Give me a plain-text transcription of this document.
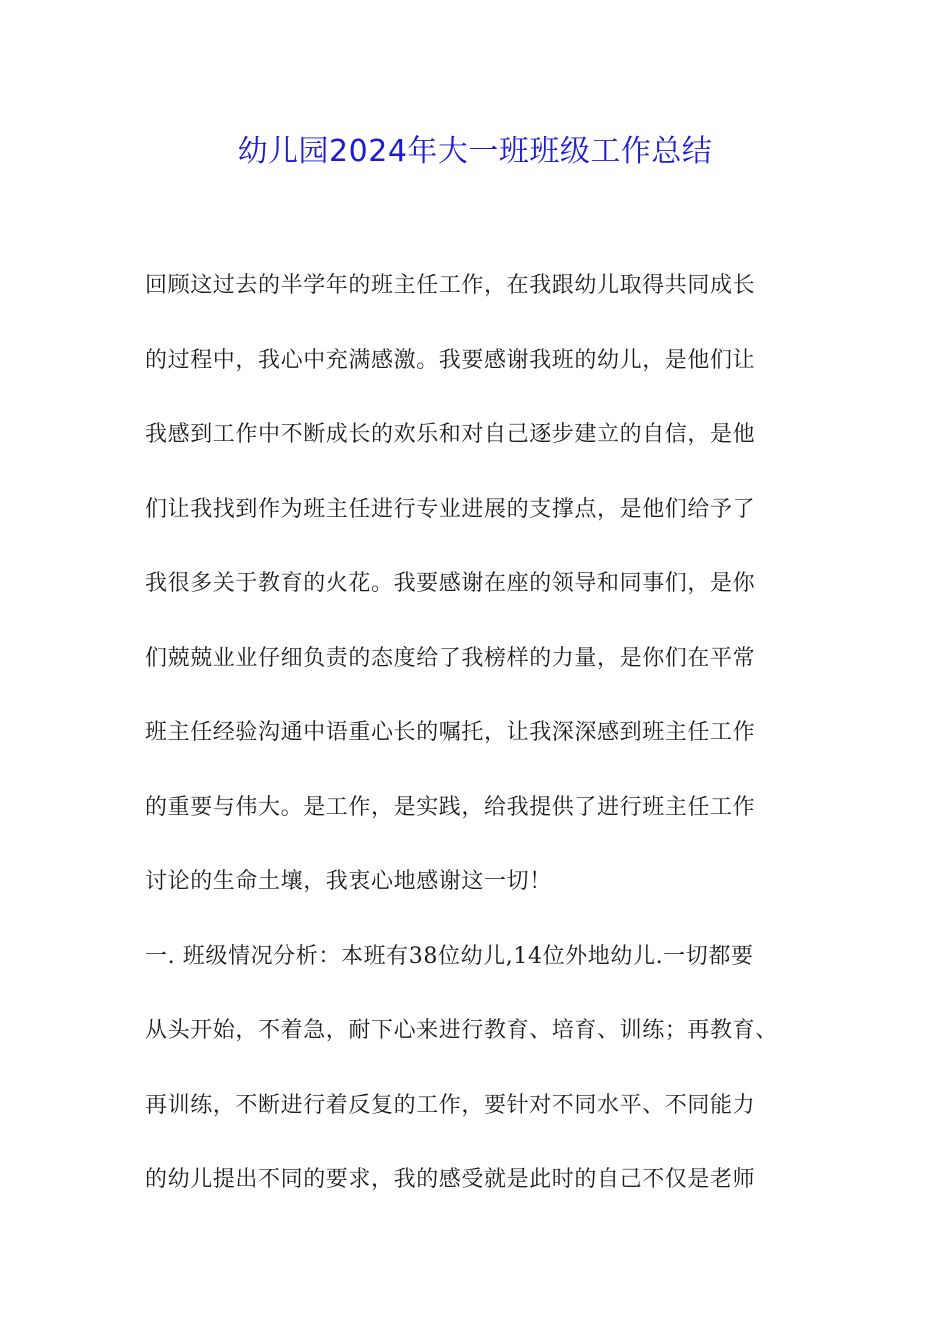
幼儿园2024年大一班班级工作总结
回顾这过去的半学年的班主任工作，在我跟幼儿取得共同成长
的过程中，我心中充满感激。我要感谢我班的幼儿，是他们让
我感到工作中不断成长的欢乐和对自己逐步建立的自信，是他
们让我找到作为班主任进行专业进展的支撑点，是他们给予了
我很多关于教育的火花。我要感谢在座的领导和同事们，是你
们兢兢业业仔细负责的态度给了我榜样的力量，是你们在平常
班主任经验沟通中语重心长的嘱托，让我深深感到班主任工作
的重要与伟大。是工作，是实践，给我提供了进行班主任工作
讨论的生命土壤，我衷心地感谢这一切！
一. 班级情况分析：本班有38位幼儿,14位外地幼儿.一切都要
从头开始，不着急，耐下心来进行教育、培育、训练；再教育、
再训练，不断进行着反复的工作，要针对不同水平、不同能力
的幼儿提出不同的要求，我的感受就是此时的自己不仅是老师
